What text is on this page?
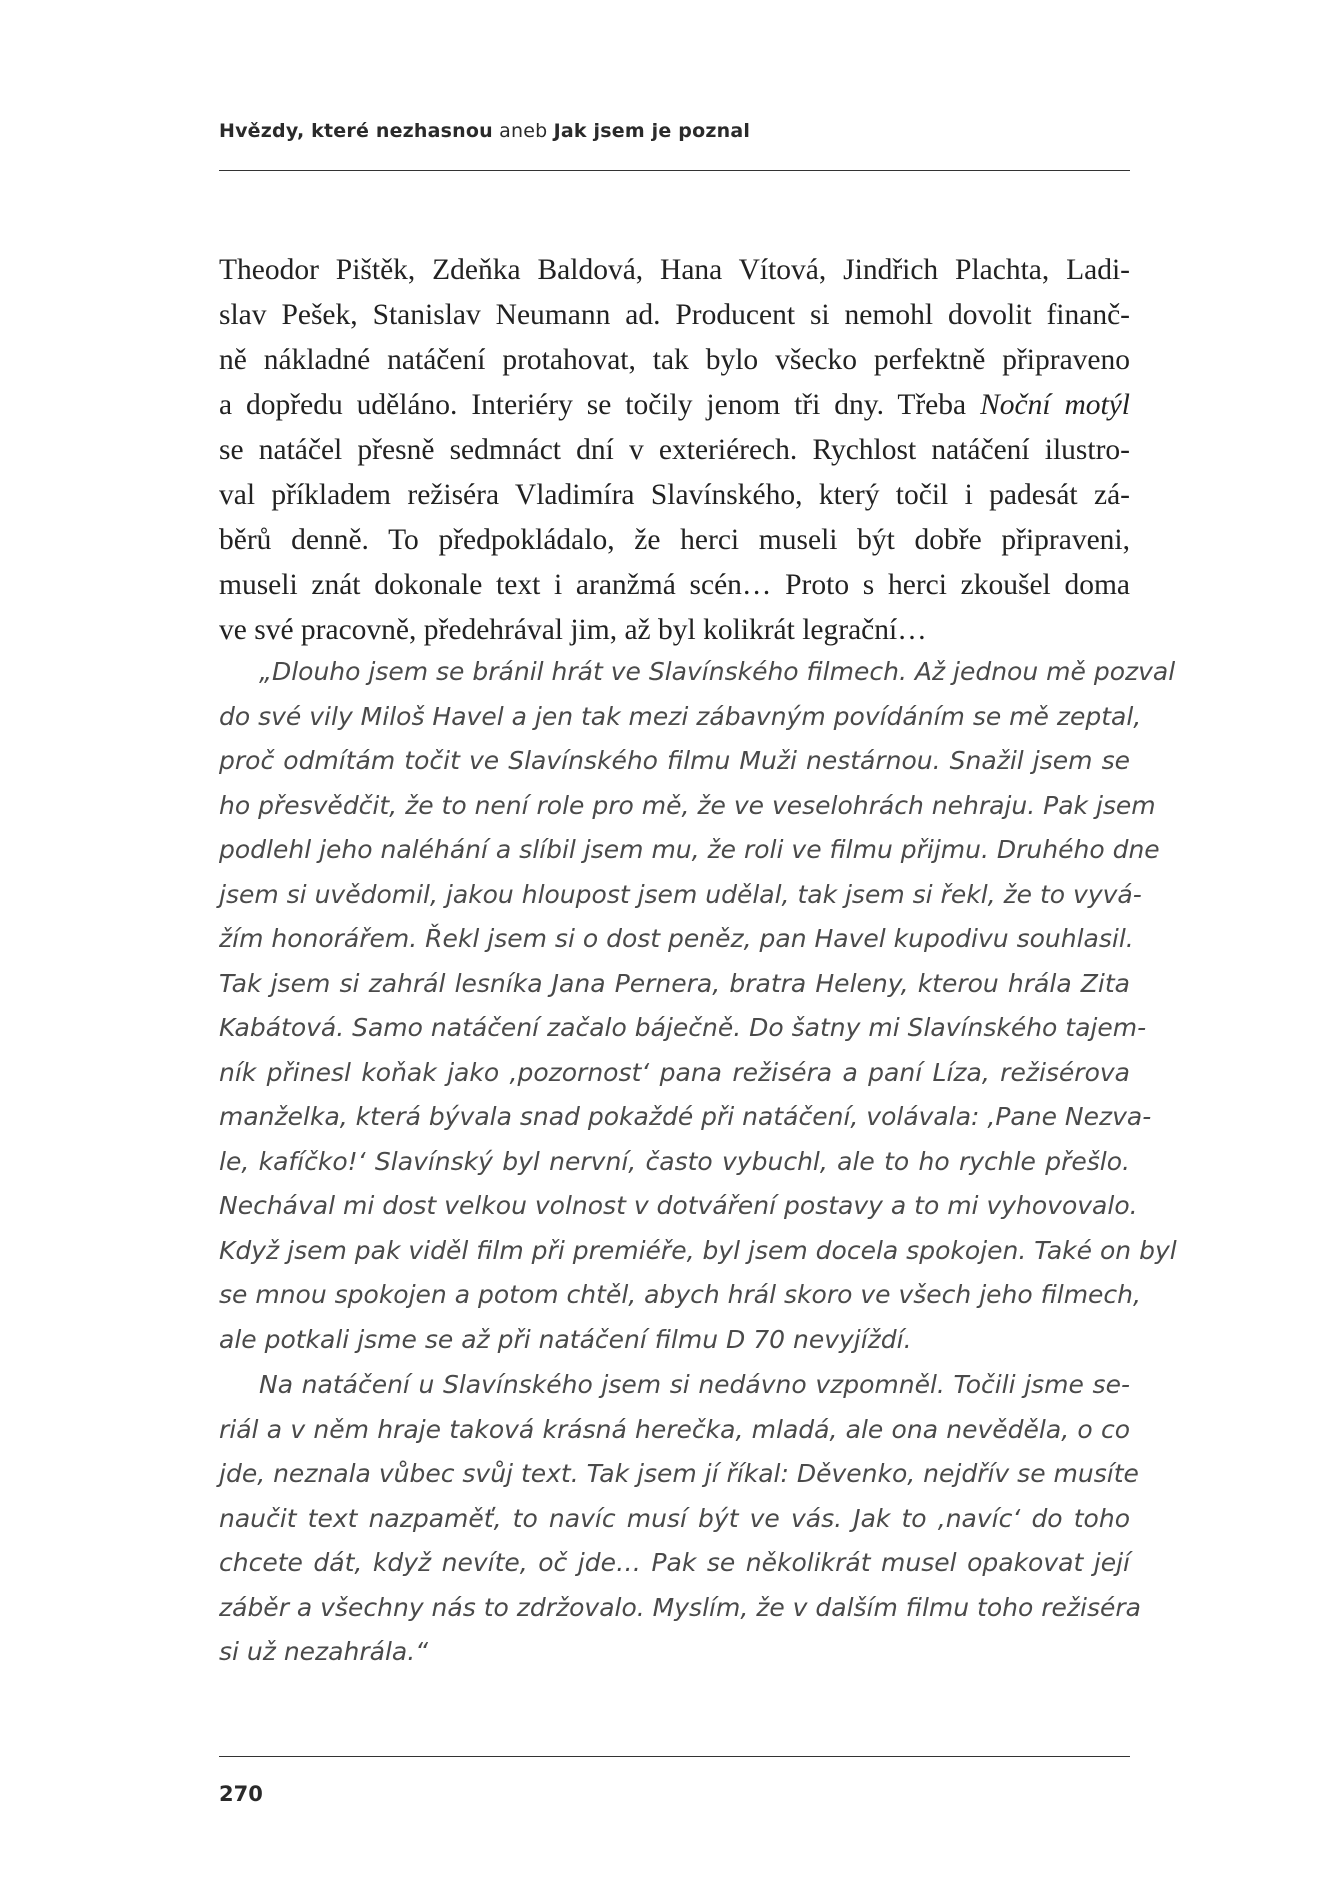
Hvězdy, které nezhasnou aneb Jak jsem je poznal

Theodor Pištěk, Zdeňka Baldová, Hana Vítová, Jindřich Plachta, Ladi-

slav Pešek, Stanislav Neumann ad. Producent si nemohl dovolit finanč-

ně nákladné natáčení protahovat, tak bylo všecko perfektně připraveno

a dopředu uděláno. Interiéry se točily jenom tři dny. Třeba Noční motýl

se natáčel přesně sedmnáct dní v exteriérech. Rychlost natáčení ilustro-

val příkladem režiséra Vladimíra Slavínského, který točil i padesát zá-

běrů denně. To předpokládalo, že herci museli být dobře připraveni,

museli znát dokonale text i aranžmá scén… Proto s herci zkoušel doma

ve své pracovně, předehrával jim, až byl kolikrát legrační…

„Dlouho jsem se bránil hrát ve Slavínského filmech. Až jednou mě pozval

do své vily Miloš Havel a jen tak mezi zábavným povídáním se mě zeptal,

proč odmítám točit ve Slavínského filmu Muži nestárnou. Snažil jsem se

ho přesvědčit, že to není role pro mě, že ve veselohrách nehraju. Pak jsem

podlehl jeho naléhání a slíbil jsem mu, že roli ve filmu přijmu. Druhého dne

jsem si uvědomil, jakou hloupost jsem udělal, tak jsem si řekl, že to vyvá-

žím honorářem. Řekl jsem si o dost peněz, pan Havel kupodivu souhlasil.

Tak jsem si zahrál lesníka Jana Pernera, bratra Heleny, kterou hrála Zita

Kabátová. Samo natáčení začalo báječně. Do šatny mi Slavínského tajem-

ník přinesl koňak jako ‚pozornost‘ pana režiséra a paní Líza, režisérova

manželka, která bývala snad pokaždé při natáčení, volávala: ‚Pane Nezva-

le, kafíčko!‘ Slavínský byl nervní, často vybuchl, ale to ho rychle přešlo.

Nechával mi dost velkou volnost v dotváření postavy a to mi vyhovovalo.

Když jsem pak viděl film při premiéře, byl jsem docela spokojen. Také on byl

se mnou spokojen a potom chtěl, abych hrál skoro ve všech jeho filmech,

ale potkali jsme se až při natáčení filmu D 70 nevyjíždí.

Na natáčení u Slavínského jsem si nedávno vzpomněl. Točili jsme se-

riál a v něm hraje taková krásná herečka, mladá, ale ona nevěděla, o co

jde, neznala vůbec svůj text. Tak jsem jí říkal: Děvenko, nejdřív se musíte

naučit text nazpaměť, to navíc musí být ve vás. Jak to ‚navíc‘ do toho

chcete dát, když nevíte, oč jde… Pak se několikrát musel opakovat její

záběr a všechny nás to zdržovalo. Myslím, že v dalším filmu toho režiséra

si už nezahrála.“

270
